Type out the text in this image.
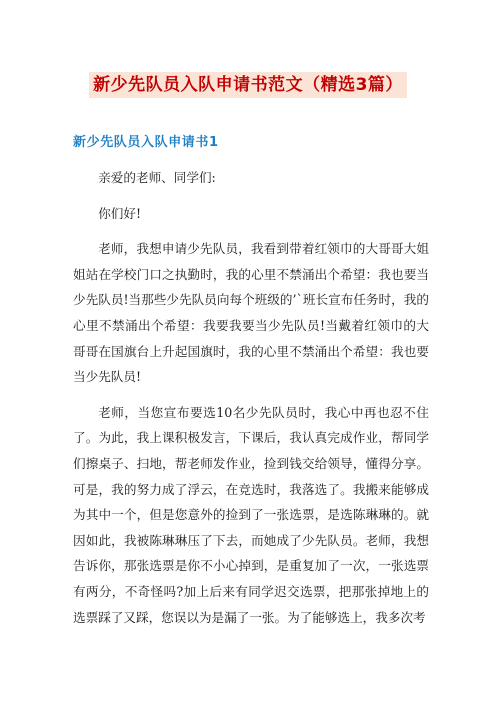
新少先队员入队申请书范文（精选3篇）
新少先队员入队申请书1

亲爱的老师、同学们:

你们好!

老师，我想申请少先队员，我看到带着红领巾的大哥哥大姐姐站在学校门口之执勤时，我的心里不禁涌出个希望：我也要当少先队员!当那些少先队员向每个班级的’`班长宣布任务时，我的心里不禁涌出个希望：我要我要当少先队员!当戴着红领巾的大哥哥在国旗台上升起国旗时，我的心里不禁涌出个希望：我也要当少先队员!

老师，当您宣布要选10名少先队员时，我心中再也忍不住了。为此，我上课积极发言，下课后，我认真完成作业，帮同学们擦桌子、扫地，帮老师发作业，捡到钱交给领导，懂得分享。可是，我的努力成了浮云，在竞选时，我落选了。我搬来能够成为其中一个，但是您意外的捡到了一张选票，是选陈琳琳的。就因如此，我被陈琳琳压了下去，而她成了少先队员。老师，我想告诉你，那张选票是你不小心掉到，是重复加了一次，一张选票有两分，不奇怪吗?加上后来有同学迟交选票，把那张掉地上的选票踩了又踩，您误以为是漏了一张。为了能够选上，我多次考
